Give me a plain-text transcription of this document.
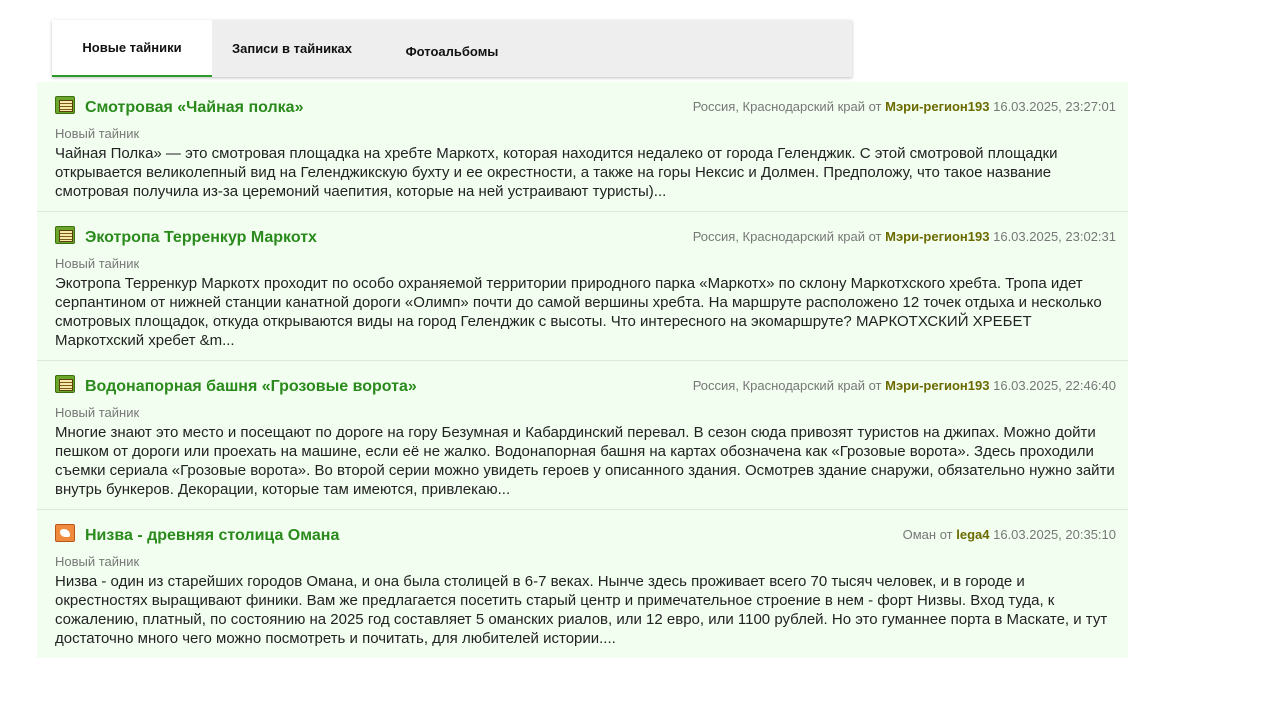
Новые тайники	Записи в тайниках	Фотоальбомы
Смотровая «Чайная полка»	Россия, Краснодарский край от Мэри-регион193 16.03.2025, 23:27:01
Новый тайник
Чайная Полка» — это смотровая площадка на хребте Маркотх, которая находится недалеко от города Геленджик. С этой смотровой площадки открывается великолепный вид на Геленджикскую бухту и ее окрестности, а также на горы Нексис и Долмен. Предположу, что такое название смотровая получила из-за церемоний чаепития, которые на ней устраивают туристы)...
Экотропа Терренкур Маркотх	Россия, Краснодарский край от Мэри-регион193 16.03.2025, 23:02:31
Новый тайник
Экотропа Терренкур Маркотх проходит по особо охраняемой территории природного парка «Маркотх» по склону Маркотхского хребта. Тропа идет серпантином от нижней станции канатной дороги «Олимп» почти до самой вершины хребта. На маршруте расположено 12 точек отдыха и несколько смотровых площадок, откуда открываются виды на город Геленджик с высоты. Что интересного на экомаршруте? МАРКОТХСКИЙ ХРЕБЕТ Маркотхский хребет &m...
Водонапорная башня «Грозовые ворота»	Россия, Краснодарский край от Мэри-регион193 16.03.2025, 22:46:40
Новый тайник
Многие знают это место и посещают по дороге на гору Безумная и Кабардинский перевал. В сезон сюда привозят туристов на джипах. Можно дойти пешком от дороги или проехать на машине, если её не жалко. Водонапорная башня на картах обозначена как «Грозовые ворота». Здесь проходили съемки сериала «Грозовые ворота». Во второй серии можно увидеть героев у описанного здания. Осмотрев здание снаружи, обязательно нужно зайти внутрь бункеров. Декорации, которые там имеются, привлекаю...
Низва - древняя столица Омана	Оман от lega4 16.03.2025, 20:35:10
Новый тайник
Низва - один из старейших городов Омана, и она была столицей в 6-7 веках. Нынче здесь проживает всего 70 тысяч человек, и в городе и окрестностях выращивают финики. Вам же предлагается посетить старый центр и примечательное строение в нем - форт Низвы. Вход туда, к сожалению, платный, по состоянию на 2025 год составляет 5 оманских риалов, или 12 евро, или 1100 рублей. Но это гуманнее порта в Маскате, и тут достаточно много чего можно посмотреть и почитать, для любителей истории....
